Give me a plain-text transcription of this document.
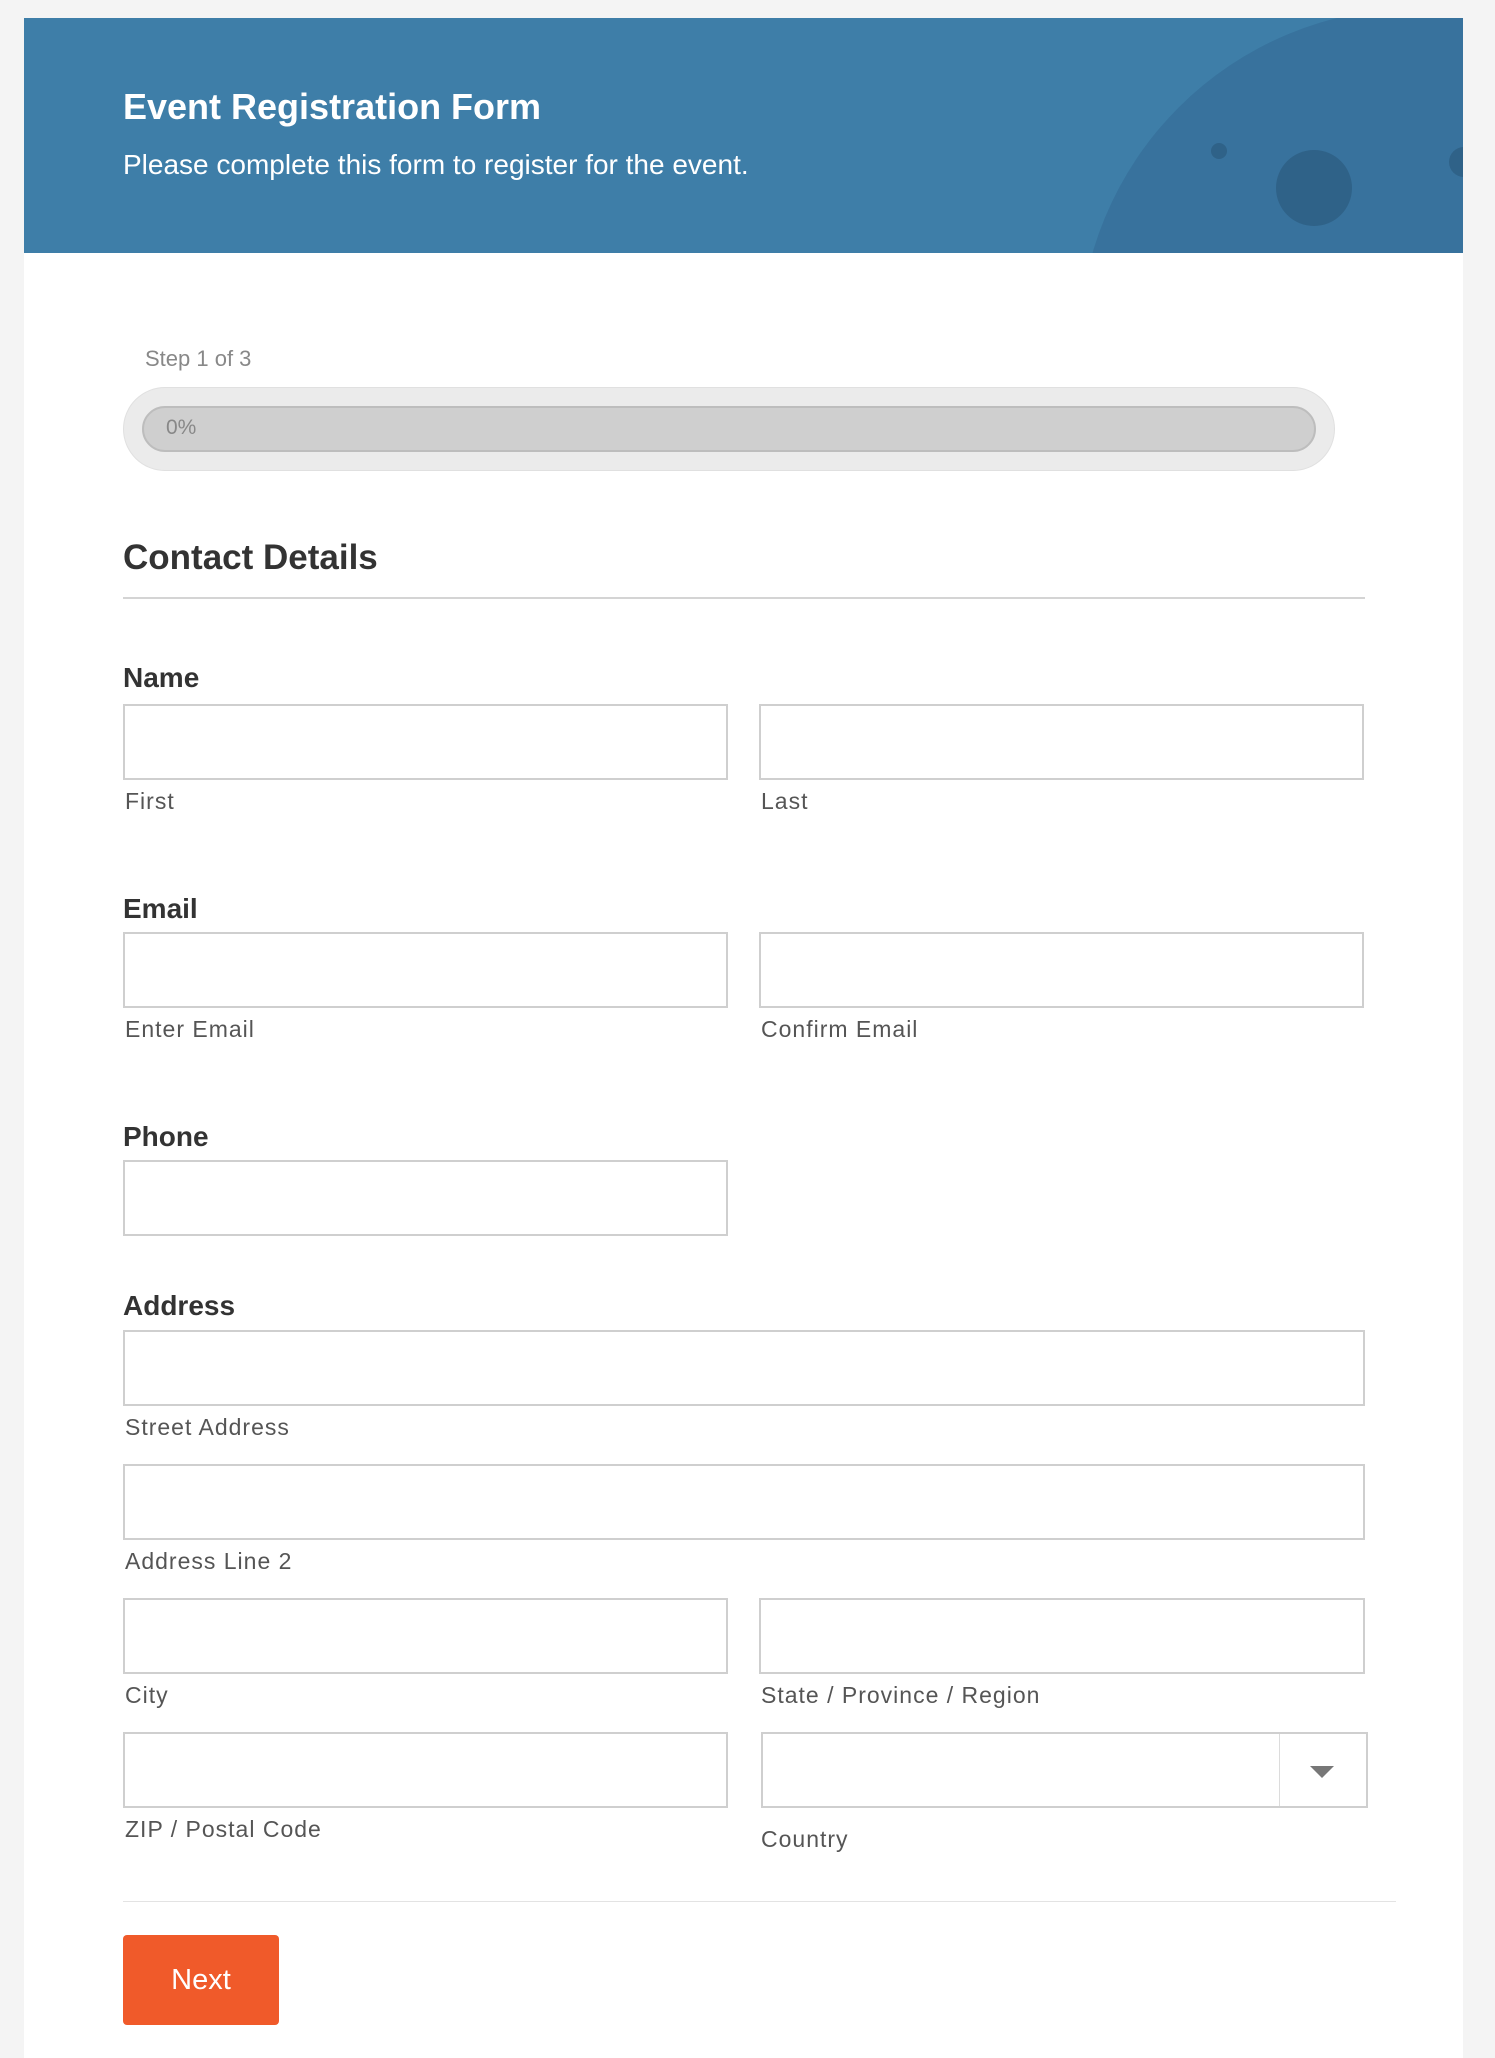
Event Registration Form
Please complete this form to register for the event.
Step 1 of 3
0%
Contact Details
Name
First	Last
Email
Enter Email	Confirm Email
Phone
Address
Street Address
Address Line 2
City	State / Province / Region
ZIP / Postal Code	Country
Next
